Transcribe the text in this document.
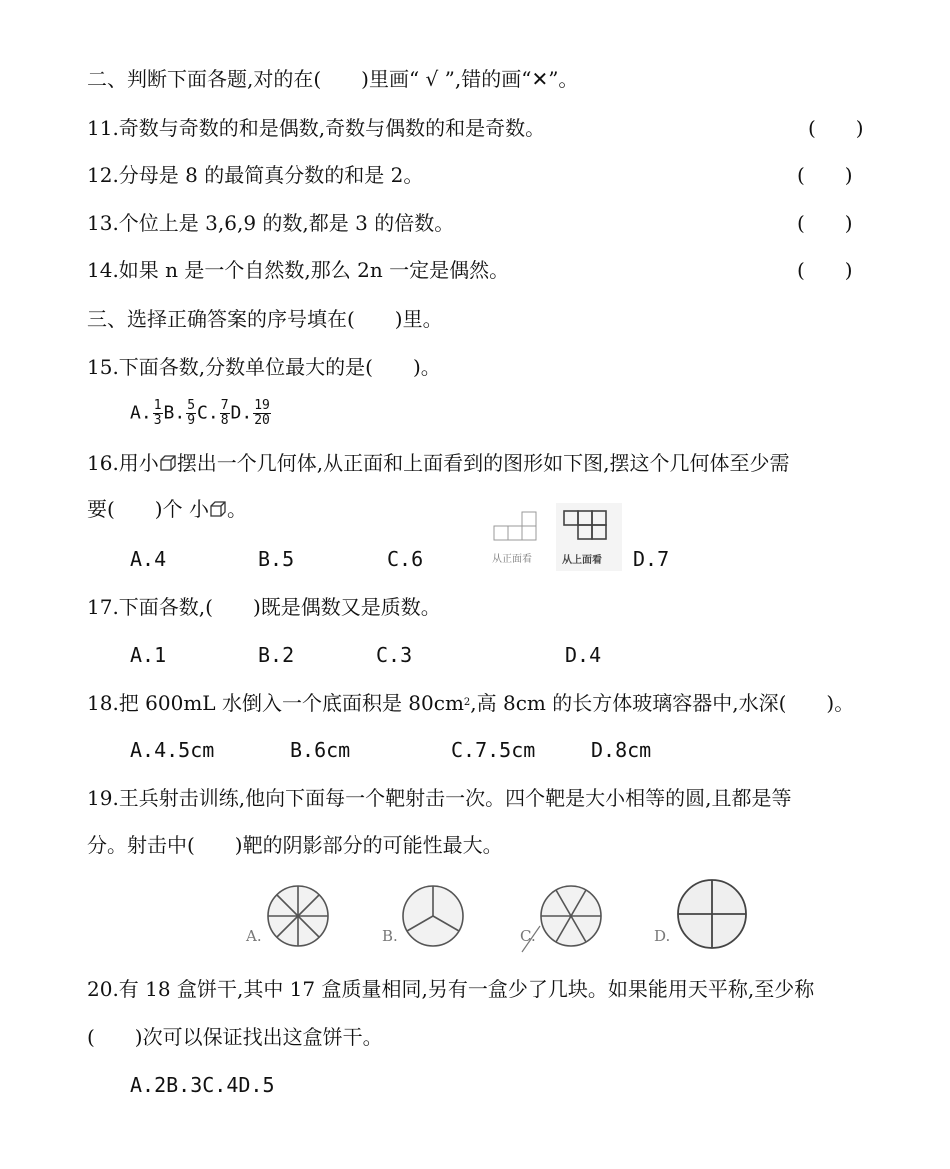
二、判断下面各题,对的在(　　)里画“ √ ”,错的画“✕”。
11.奇数与奇数的和是偶数,奇数与偶数的和是奇数。	(　　)
12.分母是 8 的最简真分数的和是 2。	(　　)
13.个位上是 3,6,9 的数,都是 3 的倍数。	(　　)
14.如果 n 是一个自然数,那么 2n 一定是偶然。	(　　)
三、选择正确答案的序号填在(　　)里。
15.下面各数,分数单位最大的是(　　)。
A. $\frac{1}{3} B$. $\frac{5}{9} C$. $\frac{7}{8} D$. $\frac{19}{20}$
16.用小 摆出一个几何体,从正面和上面看到的图形如下图,摆这个几何体至少需
要(　　)个 小 。
A.4	B.5	C.6	从正面看	从上面看 D.7
17.下面各数,(　　)既是偶数又是质数。
A.1	B.2	C.3	D.4
18.把 600mL 水倒入一个底面积是 $80cm^2$,高 8cm 的长方体玻璃容器中,水深(　　)。
A.4.5cm	B.6cm	C.7.5cm	D.8cm
19.王兵射击训练,他向下面每一个靶射击一次。四个靶是大小相等的圆,且都是等
分。射击中(　　)靶的阴影部分的可能性最大。
A.	B.	C.	D.
20.有 18 盒饼干,其中 17 盒质量相同,另有一盒少了几块。如果能用天平称,至少称
(　　)次可以保证找出这盒饼干。
A.2B.3C.4D.5
